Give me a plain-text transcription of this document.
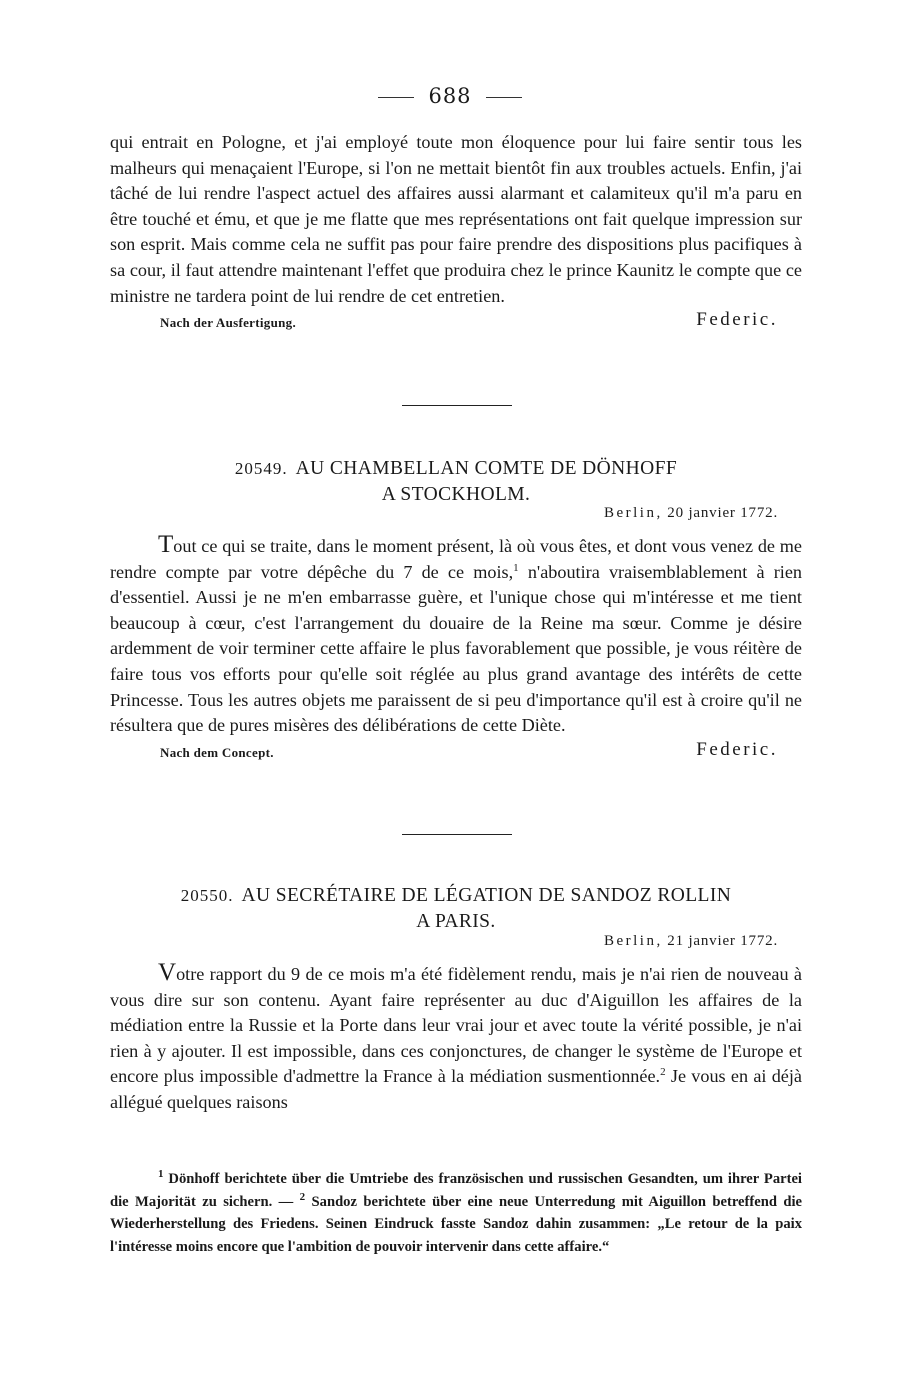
688
qui entrait en Pologne, et j'ai employé toute mon éloquence pour lui faire sentir tous les malheurs qui menaçaient l'Europe, si l'on ne mettait bientôt fin aux troubles actuels. Enfin, j'ai tâché de lui rendre l'aspect actuel des affaires aussi alarmant et calamiteux qu'il m'a paru en être touché et ému, et que je me flatte que mes représentations ont fait quelque impression sur son esprit. Mais comme cela ne suffit pas pour faire prendre des dispositions plus pacifiques à sa cour, il faut attendre maintenant l'effet que produira chez le prince Kaunitz le compte que ce ministre ne tardera point de lui rendre de cet entretien.
Nach der Ausfertigung.	Federic.
20549. AU CHAMBELLAN COMTE DE DÖNHOFF
A STOCKHOLM.
Berlin, 20 janvier 1772.
Tout ce qui se traite, dans le moment présent, là où vous êtes, et dont vous venez de me rendre compte par votre dépêche du 7 de ce mois,$^1$ n'aboutira vraisemblablement à rien d'essentiel. Aussi je ne m'en embarrasse guère, et l'unique chose qui m'intéresse et me tient beaucoup à cœur, c'est l'arrangement du douaire de la Reine ma sœur. Comme je désire ardemment de voir terminer cette affaire le plus favorablement que possible, je vous réitère de faire tous vos efforts pour qu'elle soit réglée au plus grand avantage des intérêts de cette Princesse. Tous les autres objets me paraissent de si peu d'importance qu'il est à croire qu'il ne résultera que de pures misères des délibérations de cette Diète.
Nach dem Concept.	Federic.
20550. AU SECRÉTAIRE DE LÉGATION DE SANDOZ ROLLIN
A PARIS.
Berlin, 21 janvier 1772.
Votre rapport du 9 de ce mois m'a été fidèlement rendu, mais je n'ai rien de nouveau à vous dire sur son contenu. Ayant faire représenter au duc d'Aiguillon les affaires de la médiation entre la Russie et la Porte dans leur vrai jour et avec toute la vérité possible, je n'ai rien à y ajouter. Il est impossible, dans ces conjonctures, de changer le système de l'Europe et encore plus impossible d'admettre la France à la médiation susmentionnée.$^2$ Je vous en ai déjà allégué quelques raisons
$^1$ Dönhoff berichtete über die Umtriebe des französischen und russischen Gesandten, um ihrer Partei die Majorität zu sichern. — $^2$ Sandoz berichtete über eine neue Unterredung mit Aiguillon betreffend die Wiederherstellung des Friedens. Seinen Eindruck fasste Sandoz dahin zusammen: „Le retour de la paix l'intéresse moins encore que l'ambition de pouvoir intervenir dans cette affaire.“
